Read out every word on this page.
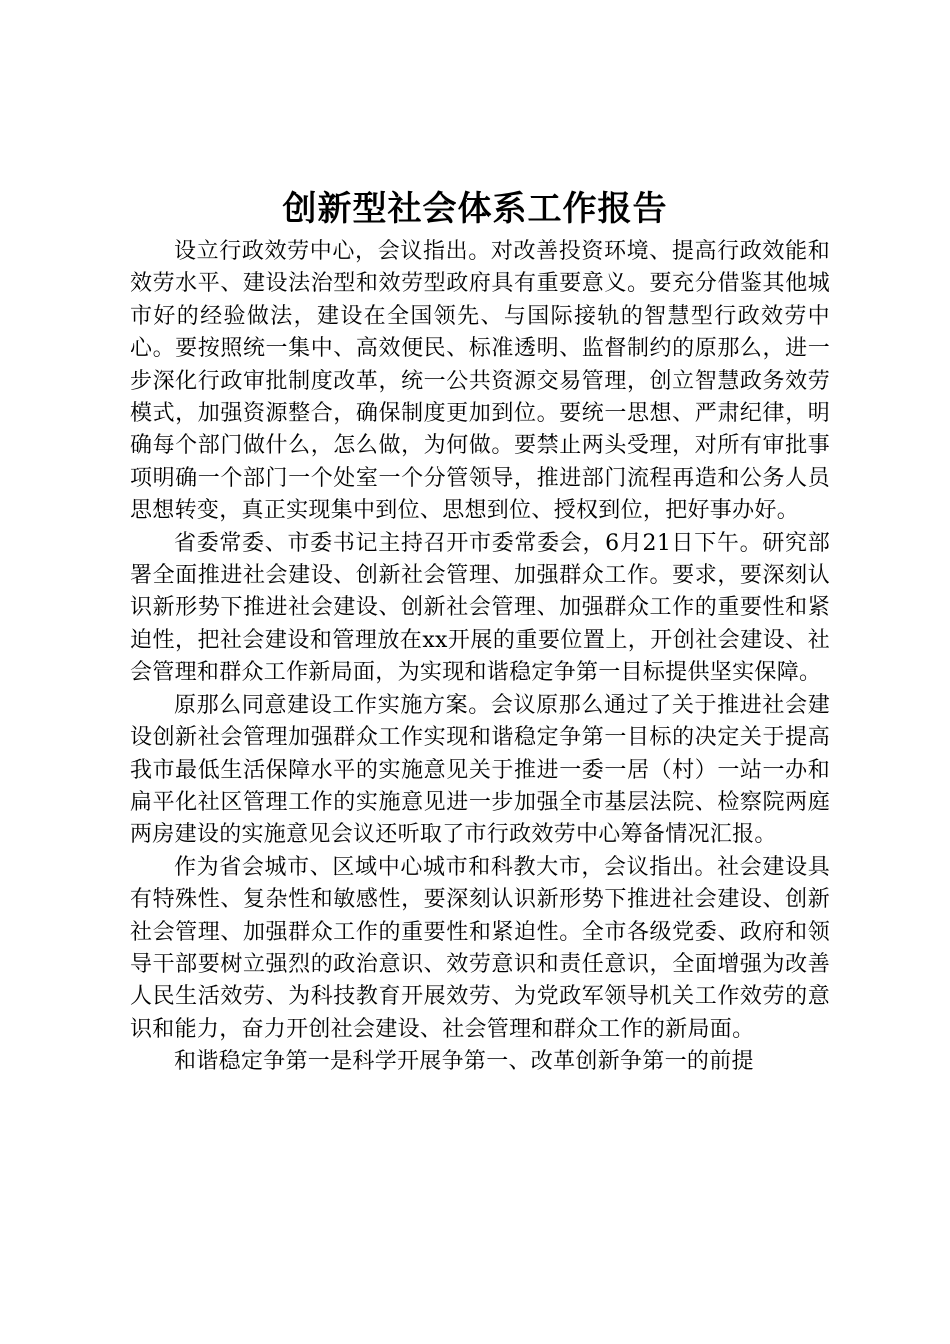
创新型社会体系工作报告

设立行政效劳中心，会议指出。对改善投资环境、提高行政效能和效劳水平、建设法治型和效劳型政府具有重要意义。要充分借鉴其他城市好的经验做法，建设在全国领先、与国际接轨的智慧型行政效劳中心。要按照统一集中、高效便民、标准透明、监督制约的原那么，进一步深化行政审批制度改革，统一公共资源交易管理，创立智慧政务效劳模式，加强资源整合，确保制度更加到位。要统一思想、严肃纪律，明确每个部门做什么，怎么做，为何做。要禁止两头受理，对所有审批事项明确一个部门一个处室一个分管领导，推进部门流程再造和公务人员思想转变，真正实现集中到位、思想到位、授权到位，把好事办好。

省委常委、市委书记主持召开市委常委会，6月21日下午。研究部署全面推进社会建设、创新社会管理、加强群众工作。要求，要深刻认识新形势下推进社会建设、创新社会管理、加强群众工作的重要性和紧迫性，把社会建设和管理放在xx开展的重要位置上，开创社会建设、社会管理和群众工作新局面，为实现和谐稳定争第一目标提供坚实保障。

原那么同意建设工作实施方案。会议原那么通过了关于推进社会建设创新社会管理加强群众工作实现和谐稳定争第一目标的决定关于提高我市最低生活保障水平的实施意见关于推进一委一居（村）一站一办和扁平化社区管理工作的实施意见进一步加强全市基层法院、检察院两庭两房建设的实施意见会议还听取了市行政效劳中心筹备情况汇报。

作为省会城市、区域中心城市和科教大市，会议指出。社会建设具有特殊性、复杂性和敏感性，要深刻认识新形势下推进社会建设、创新社会管理、加强群众工作的重要性和紧迫性。全市各级党委、政府和领导干部要树立强烈的政治意识、效劳意识和责任意识，全面增强为改善人民生活效劳、为科技教育开展效劳、为党政军领导机关工作效劳的意识和能力，奋力开创社会建设、社会管理和群众工作的新局面。

和谐稳定争第一是科学开展争第一、改革创新争第一的前提
